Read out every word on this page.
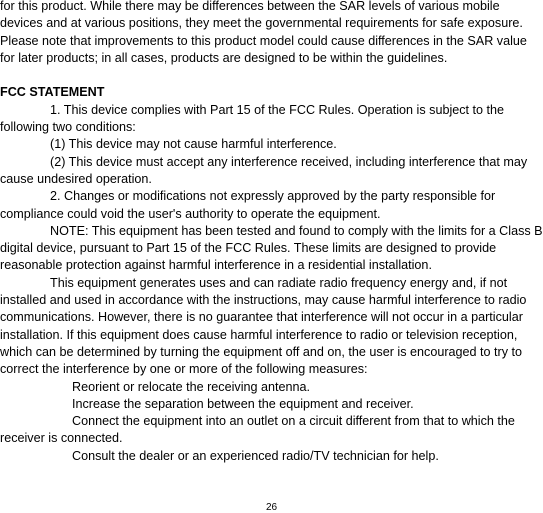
for this product. While there may be differences between the SAR levels of various mobile devices and at various positions, they meet the governmental requirements for safe exposure. Please note that improvements to this product model could cause differences in the SAR value for later products; in all cases, products are designed to be within the guidelines.

FCC STATEMENT

1. This device complies with Part 15 of the FCC Rules. Operation is subject to the following two conditions:

(1) This device may not cause harmful interference.

(2) This device must accept any interference received, including interference that may cause undesired operation.

2. Changes or modifications not expressly approved by the party responsible for compliance could void the user's authority to operate the equipment.

NOTE: This equipment has been tested and found to comply with the limits for a Class B digital device, pursuant to Part 15 of the FCC Rules. These limits are designed to provide reasonable protection against harmful interference in a residential installation.

This equipment generates uses and can radiate radio frequency energy and, if not installed and used in accordance with the instructions, may cause harmful interference to radio communications. However, there is no guarantee that interference will not occur in a particular installation. If this equipment does cause harmful interference to radio or television reception, which can be determined by turning the equipment off and on, the user is encouraged to try to correct the interference by one or more of the following measures:

Reorient or relocate the receiving antenna.

Increase the separation between the equipment and receiver.

Connect the equipment into an outlet on a circuit different from that to which the receiver is connected.

Consult the dealer or an experienced radio/TV technician for help.

26
